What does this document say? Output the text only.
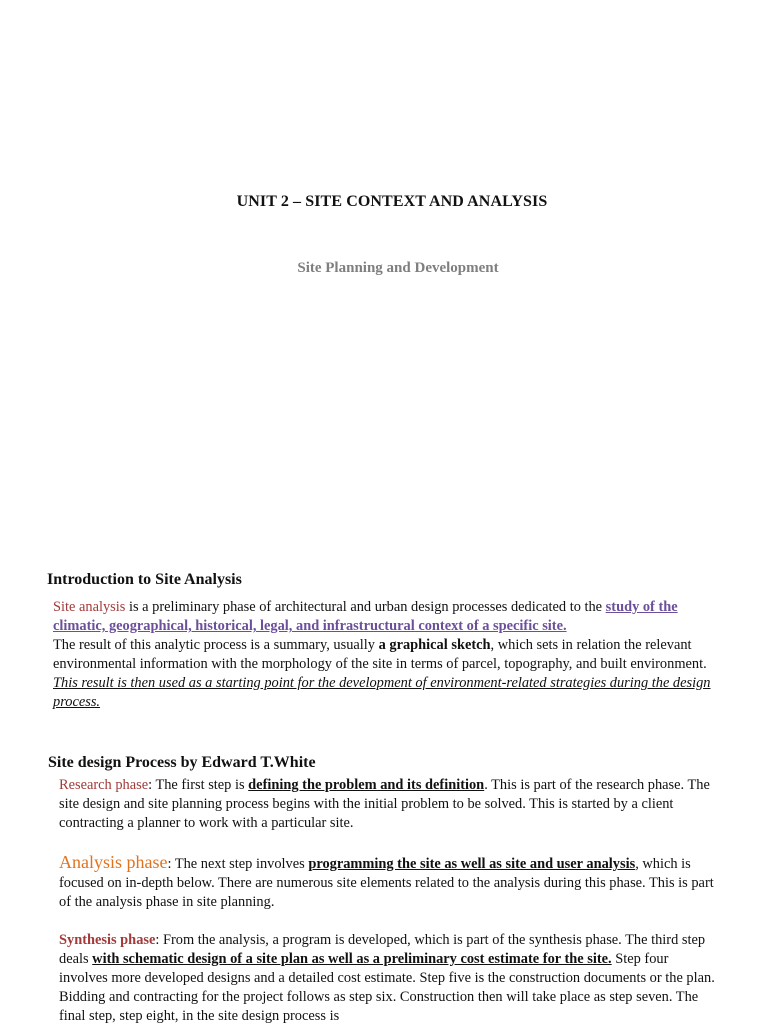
UNIT 2 – SITE CONTEXT AND ANALYSIS
Site Planning and Development
Introduction to Site Analysis
Site analysis is a preliminary phase of architectural and urban design processes dedicated to the study of the climatic, geographical, historical, legal, and infrastructural context of a specific site.
The result of this analytic process is a summary, usually a graphical sketch, which sets in relation the relevant environmental information with the morphology of the site in terms of parcel, topography, and built environment. This result is then used as a starting point for the development of environment-related strategies during the design process.
Site design Process by Edward T.White
Research phase: The first step is defining the problem and its definition. This is part of the research phase. The site design and site planning process begins with the initial problem to be solved. This is started by a client contracting a planner to work with a particular site.
Analysis phase: The next step involves programming the site as well as site and user analysis, which is focused on in-depth below. There are numerous site elements related to the analysis during this phase. This is part of the analysis phase in site planning.
Synthesis phase: From the analysis, a program is developed, which is part of the synthesis phase. The third step deals with schematic design of a site plan as well as a preliminary cost estimate for the site. Step four involves more developed designs and a detailed cost estimate. Step five is the construction documents or the plan. Bidding and contracting for the project follows as step six. Construction then will take place as step seven. The final step, step eight, in the site design process is
